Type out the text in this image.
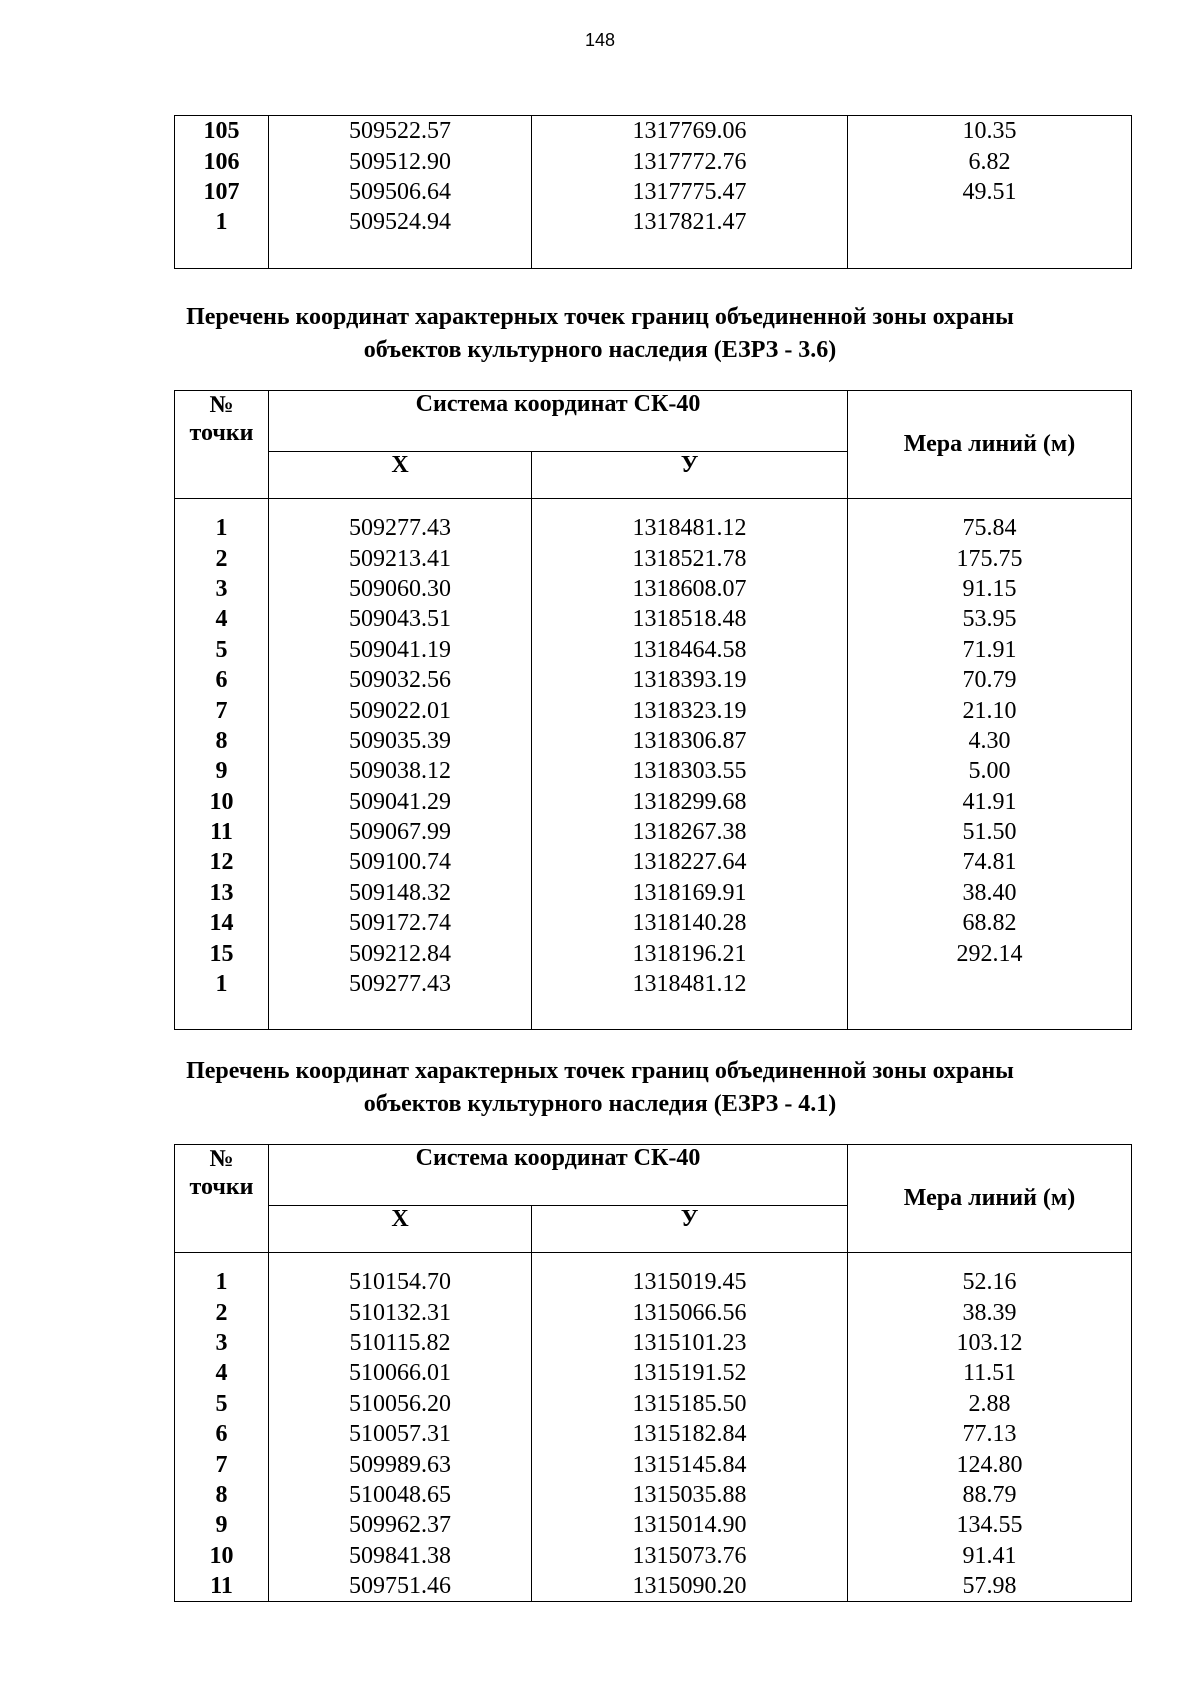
148
105	509522.57	1317769.06	10.35
106	509512.90	1317772.76	6.82
107	509506.64	1317775.47	49.51
1	509524.94	1317821.47	

Перечень координат характерных точек границ объединенной зоны охраны
объектов культурного наследия (ЕЗРЗ - 3.6)
№
точки	Система координат СК-40		Мера линий (м)
	Х	У	

1	509277.43	1318481.12	75.84
2	509213.41	1318521.78	175.75
3	509060.30	1318608.07	91.15
4	509043.51	1318518.48	53.95
5	509041.19	1318464.58	71.91
6	509032.56	1318393.19	70.79
7	509022.01	1318323.19	21.10
8	509035.39	1318306.87	4.30
9	509038.12	1318303.55	5.00
10	509041.29	1318299.68	41.91
11	509067.99	1318267.38	51.50
12	509100.74	1318227.64	74.81
13	509148.32	1318169.91	38.40
14	509172.74	1318140.28	68.82
15	509212.84	1318196.21	292.14
1	509277.43	1318481.12	

Перечень координат характерных точек границ объединенной зоны охраны
объектов культурного наследия (ЕЗРЗ - 4.1)
№
точки	Система координат СК-40		Мера линий (м)
	Х	У	

1	510154.70	1315019.45	52.16
2	510132.31	1315066.56	38.39
3	510115.82	1315101.23	103.12
4	510066.01	1315191.52	11.51
5	510056.20	1315185.50	2.88
6	510057.31	1315182.84	77.13
7	509989.63	1315145.84	124.80
8	510048.65	1315035.88	88.79
9	509962.37	1315014.90	134.55
10	509841.38	1315073.76	91.41
11	509751.46	1315090.20	57.98
